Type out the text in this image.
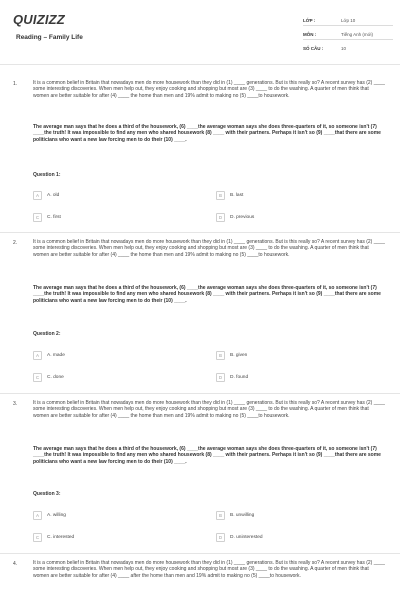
QUIZIZZ
Reading – Family Life
LỚP :	Lớp 10
MÔN :	Tiếng Anh (mới)
SỐ CÂU :	10
1.	It is a common belief in Britain that nowadays men do more housework than they did in (1) ____ generations. But is this really so? A recent survey has (2) ____ some interesting discoveries. When men help out, they enjoy cooking and shopping but most are (3) ____ to do the washing. A quarter of men think that women are better suitable for after (4) ____ the home than men and 19% admit to making no (5) ____to housework.
The average man says that he does a third of the housework, (6) ____the average woman says she does three-quarters of it, so someone isn't (7) ____the truth! It was impossible to find any men who shared housework (8) ____ with their partners. Perhaps it isn't so (9) ____that there are some politicians who want a new law forcing men to do their (10) ____.
Question 1:
A	A. old	B	B. last
C	C. first	D	D. previous
2.	It is a common belief in Britain that nowadays men do more housework than they did in (1) ____ generations. But is this really so? A recent survey has (2) ____ some interesting discoveries. When men help out, they enjoy cooking and shopping but most are (3) ____ to do the washing. A quarter of men think that women are better suitable for after (4) ____ the home than men and 19% admit to making no (5) ____to housework.
The average man says that he does a third of the housework, (6) ____the average woman says she does three-quarters of it, so someone isn't (7) ____the truth! It was impossible to find any men who shared housework (8) ____ with their partners. Perhaps it isn't so (9) ____that there are some politicians who want a new law forcing men to do their (10) ____.
Question 2:
A	A. made	B	B. given
C	C. done	D	D. found
3.	It is a common belief in Britain that nowadays men do more housework than they did in (1) ____ generations. But is this really so? A recent survey has (2) ____ some interesting discoveries. When men help out, they enjoy cooking and shopping but most are (3) ____ to do the washing. A quarter of men think that women are better suitable for after (4) ____ the home than men and 19% admit to making no (5) ____to housework.
The average man says that he does a third of the housework, (6) ____the average woman says she does three-quarters of it, so someone isn't (7) ____the truth! It was impossible to find any men who shared housework (8) ____ with their partners. Perhaps it isn't so (9) ____that there are some politicians who want a new law forcing men to do their (10) ____.
Question 3:
A	A. willing	B	B. unwilling
C	C. interested	D	D. uninterested
4.	It is a common belief in Britain that nowadays men do more housework than they did in (1) ____ generations. But is this really so? A recent survey has (2) ____ some interesting discoveries. When men help out, they enjoy cooking and shopping but most are (3) ____ to do the washing. A quarter of men think that women are better suitable for after (4) ____ after the home than men and 19% admit to making no (5) ____to housework.
